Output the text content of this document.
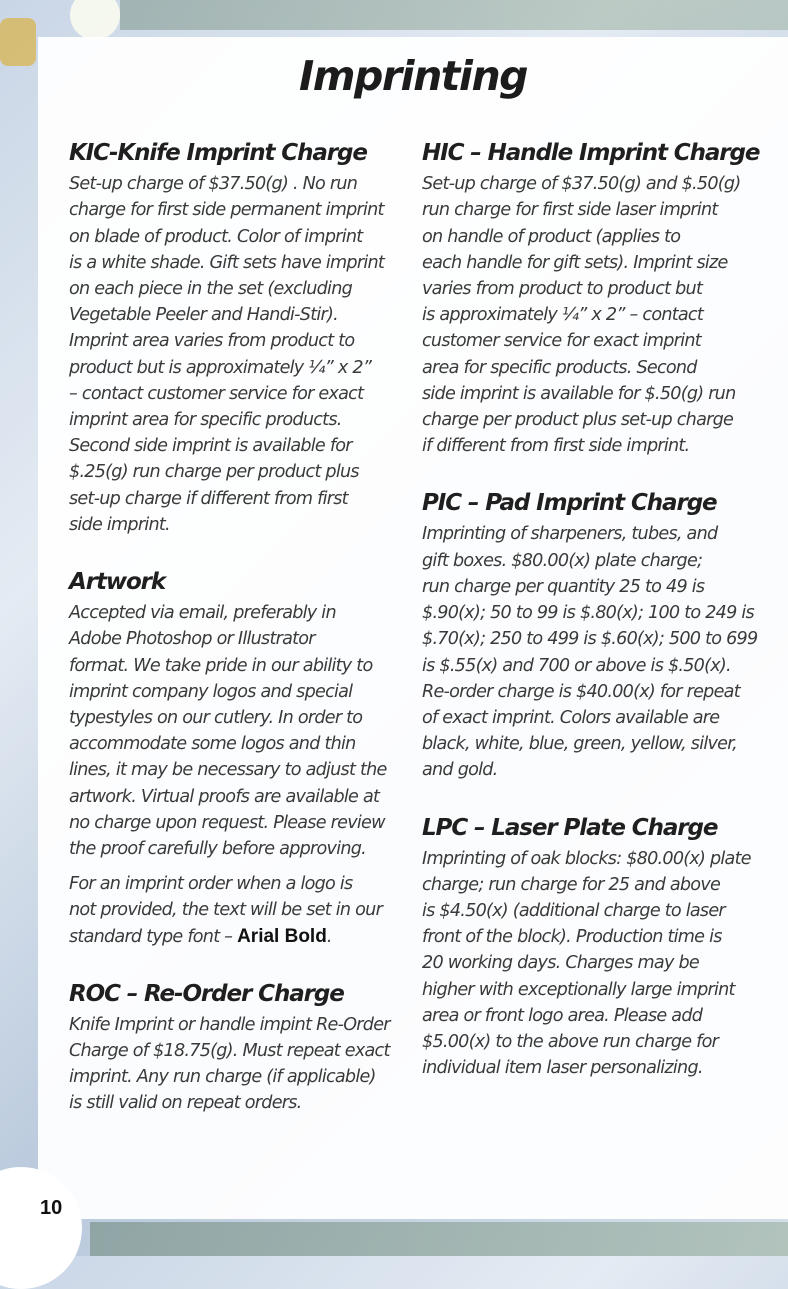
Imprinting
KIC-Knife Imprint Charge

Set-up charge of $37.50(g) . No run
charge for first side permanent imprint
on blade of product. Color of imprint
is a white shade. Gift sets have imprint
on each piece in the set (excluding
Vegetable Peeler and Handi-Stir).
Imprint area varies from product to
product but is approximately ¼” x 2”
– contact customer service for exact
imprint area for specific products.
Second side imprint is available for
$.25(g) run charge per product plus
set-up charge if different from first
side imprint.

Artwork

Accepted via email, preferably in
Adobe Photoshop or Illustrator
format. We take pride in our ability to
imprint company logos and special
typestyles on our cutlery. In order to
accommodate some logos and thin
lines, it may be necessary to adjust the
artwork. Virtual proofs are available at
no charge upon request. Please review
the proof carefully before approving.

For an imprint order when a logo is
not provided, the text will be set in our
standard type font – Arial Bold.

ROC – Re-Order Charge

Knife Imprint or handle impint Re-Order
Charge of $18.75(g). Must repeat exact
imprint. Any run charge (if applicable)
is still valid on repeat orders.

HIC – Handle Imprint Charge

Set-up charge of $37.50(g) and $.50(g)
run charge for first side laser imprint
on handle of product (applies to
each handle for gift sets). Imprint size
varies from product to product but
is approximately ¼” x 2” – contact
customer service for exact imprint
area for specific products. Second
side imprint is available for $.50(g) run
charge per product plus set-up charge
if different from first side imprint.

PIC – Pad Imprint Charge

Imprinting of sharpeners, tubes, and
gift boxes. $80.00(x) plate charge;
run charge per quantity 25 to 49 is
$.90(x); 50 to 99 is $.80(x); 100 to 249 is
$.70(x); 250 to 499 is $.60(x); 500 to 699
is $.55(x) and 700 or above is $.50(x).
Re-order charge is $40.00(x) for repeat
of exact imprint. Colors available are
black, white, blue, green, yellow, silver,
and gold.

LPC – Laser Plate Charge

Imprinting of oak blocks: $80.00(x) plate
charge; run charge for 25 and above
is $4.50(x) (additional charge to laser
front of the block). Production time is
20 working days. Charges may be
higher with exceptionally large imprint
area or front logo area. Please add
$5.00(x) to the above run charge for
individual item laser personalizing.

10
